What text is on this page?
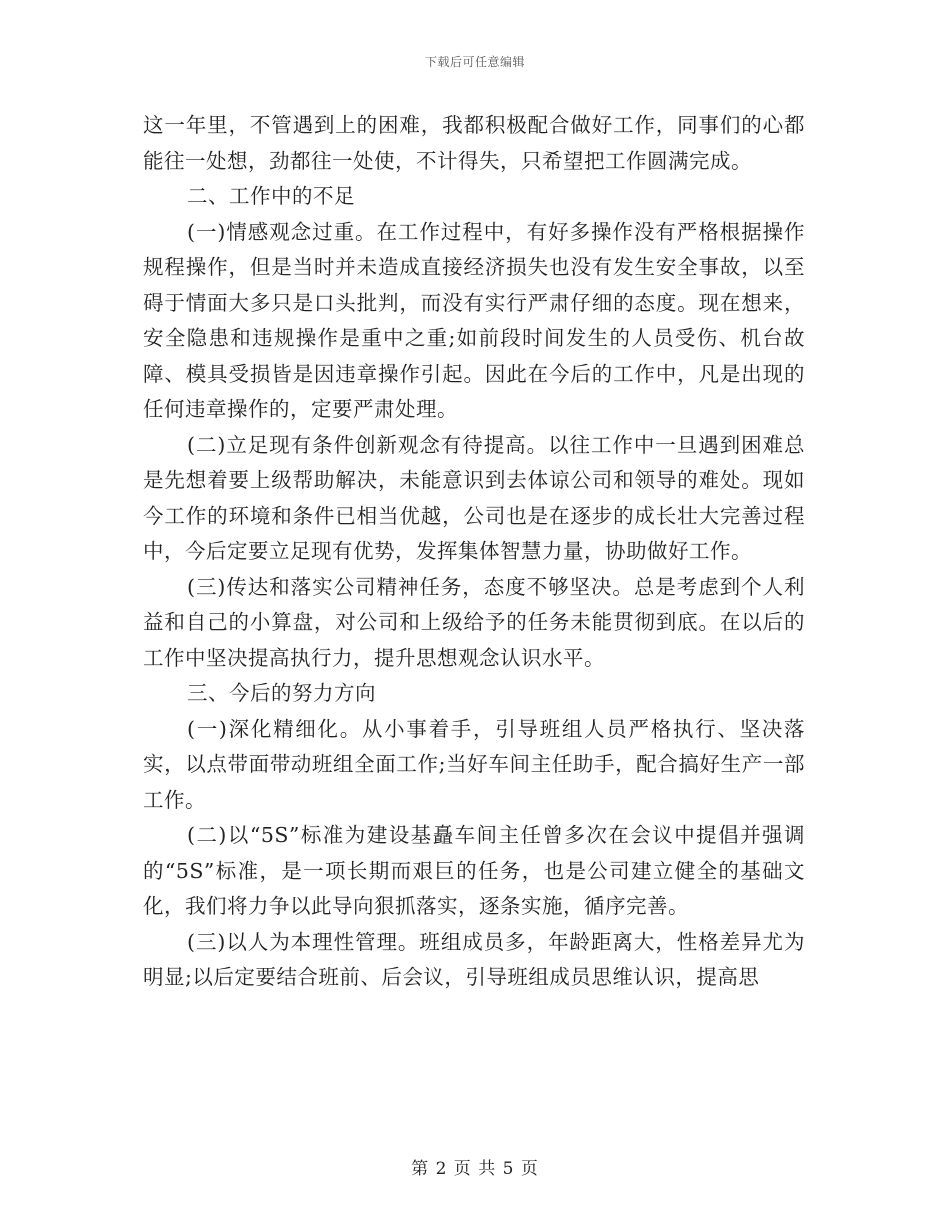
下载后可任意编辑

这一年里，不管遇到上的困难，我都积极配合做好工作，同事们的心都能往一处想，劲都往一处使，不计得失，只希望把工作圆满完成。

二、工作中的不足

(一)情感观念过重。在工作过程中，有好多操作没有严格根据操作规程操作，但是当时并未造成直接经济损失也没有发生安全事故，以至碍于情面大多只是口头批判，而没有实行严肃仔细的态度。现在想来，安全隐患和违规操作是重中之重;如前段时间发生的人员受伤、机台故障、模具受损皆是因违章操作引起。因此在今后的工作中，凡是出现的任何违章操作的，定要严肃处理。

(二)立足现有条件创新观念有待提高。以往工作中一旦遇到困难总是先想着要上级帮助解决，未能意识到去体谅公司和领导的难处。现如今工作的环境和条件已相当优越，公司也是在逐步的成长壮大完善过程中，今后定要立足现有优势，发挥集体智慧力量，协助做好工作。

(三)传达和落实公司精神任务，态度不够坚决。总是考虑到个人利益和自己的小算盘，对公司和上级给予的任务未能贯彻到底。在以后的工作中坚决提高执行力，提升思想观念认识水平。

三、今后的努力方向

(一)深化精细化。从小事着手，引导班组人员严格执行、坚决落实，以点带面带动班组全面工作;当好车间主任助手，配合搞好生产一部工作。

(二)以“5S”标准为建设基矗车间主任曾多次在会议中提倡并强调的“5S”标准，是一项长期而艰巨的任务，也是公司建立健全的基础文化，我们将力争以此导向狠抓落实，逐条实施，循序完善。

(三)以人为本理性管理。班组成员多，年龄距离大，性格差异尤为明显;以后定要结合班前、后会议，引导班组成员思维认识，提高思

第 2 页 共 5 页
